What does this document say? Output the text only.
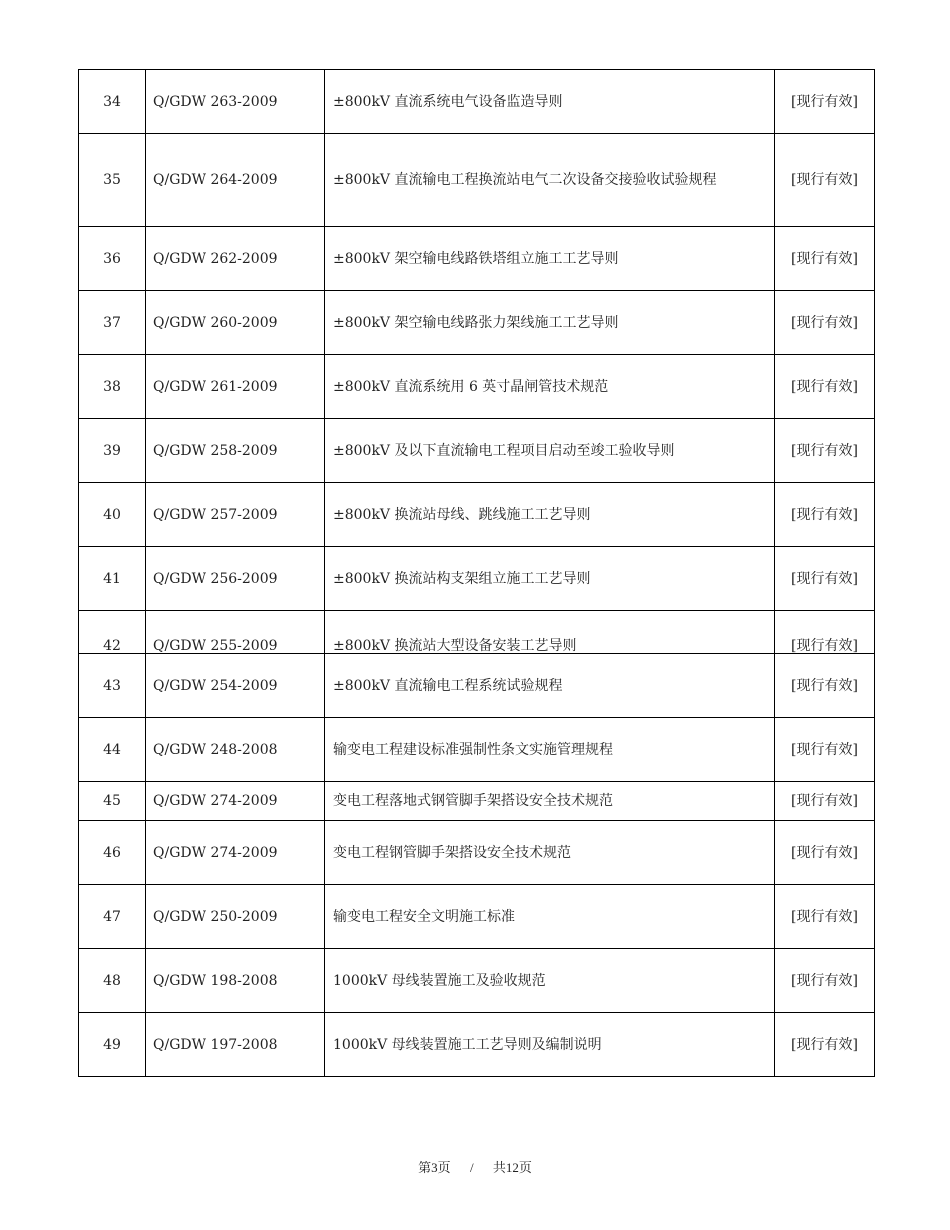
34	Q/GDW 263-2009	±800kV 直流系统电气设备监造导则	[现行有效]
35	Q/GDW 264-2009	±800kV 直流输电工程换流站电气二次设备交接验收试验规程	[现行有效]
36	Q/GDW 262-2009	±800kV 架空输电线路铁塔组立施工工艺导则	[现行有效]
37	Q/GDW 260-2009	±800kV 架空输电线路张力架线施工工艺导则	[现行有效]
38	Q/GDW 261-2009	±800kV 直流系统用 6 英寸晶闸管技术规范	[现行有效]
39	Q/GDW 258-2009	±800kV 及以下直流输电工程项目启动至竣工验收导则	[现行有效]
40	Q/GDW 257-2009	±800kV 换流站母线、跳线施工工艺导则	[现行有效]
41	Q/GDW 256-2009	±800kV 换流站构支架组立施工工艺导则	[现行有效]

42	Q/GDW 255-2009	±800kV 换流站大型设备安装工艺导则	[现行有效]

43	Q/GDW 254-2009	±800kV 直流输电工程系统试验规程	[现行有效]
44	Q/GDW 248-2008	输变电工程建设标准强制性条文实施管理规程	[现行有效]
45	Q/GDW 274-2009	变电工程落地式钢管脚手架搭设安全技术规范	[现行有效]
46	Q/GDW 274-2009	变电工程钢管脚手架搭设安全技术规范	[现行有效]
47	Q/GDW 250-2009	输变电工程安全文明施工标准	[现行有效]
48	Q/GDW 198-2008	1000kV 母线装置施工及验收规范	[现行有效]
49	Q/GDW 197-2008	1000kV 母线装置施工工艺导则及编制说明	[现行有效]
第3页 / 共12页
